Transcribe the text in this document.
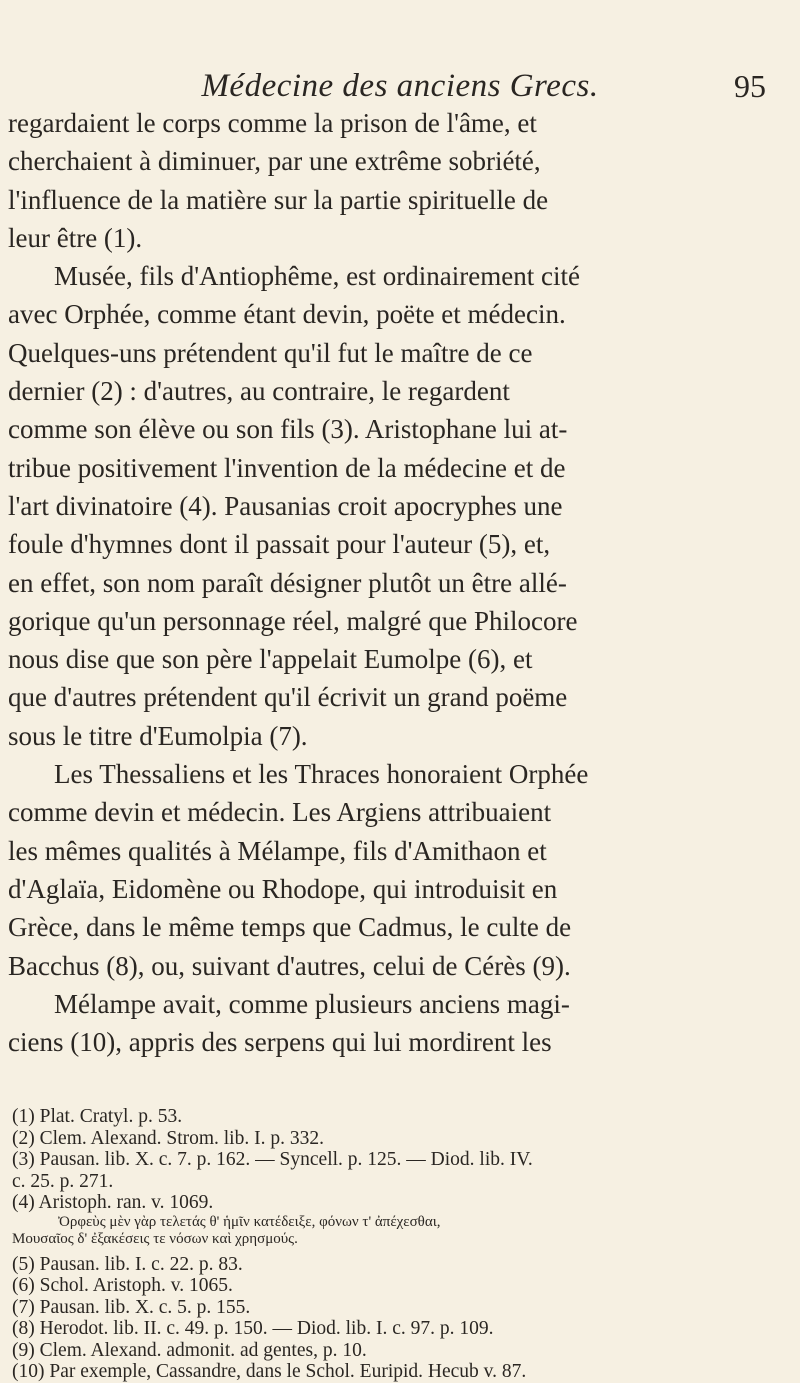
Médecine des anciens Grecs.	95

regardaient le corps comme la prison de l'âme, et
cherchaient à diminuer, par une extrême sobriété,
l'influence de la matière sur la partie spirituelle de
leur être (1).

Musée, fils d'Antiophême, est ordinairement cité
avec Orphée, comme étant devin, poëte et médecin.
Quelques-uns prétendent qu'il fut le maître de ce
dernier (2) : d'autres, au contraire, le regardent
comme son élève ou son fils (3). Aristophane lui at-
tribue positivement l'invention de la médecine et de
l'art divinatoire (4). Pausanias croit apocryphes une
foule d'hymnes dont il passait pour l'auteur (5), et,
en effet, son nom paraît désigner plutôt un être allé-
gorique qu'un personnage réel, malgré que Philocore
nous dise que son père l'appelait Eumolpe (6), et
que d'autres prétendent qu'il écrivit un grand poëme
sous le titre d'Eumolpia (7).

Les Thessaliens et les Thraces honoraient Orphée
comme devin et médecin. Les Argiens attribuaient
les mêmes qualités à Mélampe, fils d'Amithaon et
d'Aglaïa, Eidomène ou Rhodope, qui introduisit en
Grèce, dans le même temps que Cadmus, le culte de
Bacchus (8), ou, suivant d'autres, celui de Cérès (9).

Mélampe avait, comme plusieurs anciens magi-
ciens (10), appris des serpens qui lui mordirent les

(1) Plat. Cratyl. p. 53.
(2) Clem. Alexand. Strom. lib. I. p. 332.
(3) Pausan. lib. X. c. 7. p. 162. — Syncell. p. 125. — Diod. lib. IV.
c. 25. p. 271.
(4) Aristoph. ran. v. 1069.
Ὀρφεὺς μὲν γὰρ τελετάς θ' ἡμῖν κατέδειξε, φόνων τ' ἀπέχεσθαι,
Μουσαῖος δ' ἐξακέσεις τε νόσων καὶ χρησμούς.
(5) Pausan. lib. I. c. 22. p. 83.
(6) Schol. Aristoph. v. 1065.
(7) Pausan. lib. X. c. 5. p. 155.
(8) Herodot. lib. II. c. 49. p. 150. — Diod. lib. I. c. 97. p. 109.
(9) Clem. Alexand. admonit. ad gentes, p. 10.
(10) Par exemple, Cassandre, dans le Schol. Euripid. Hecub v. 87.
